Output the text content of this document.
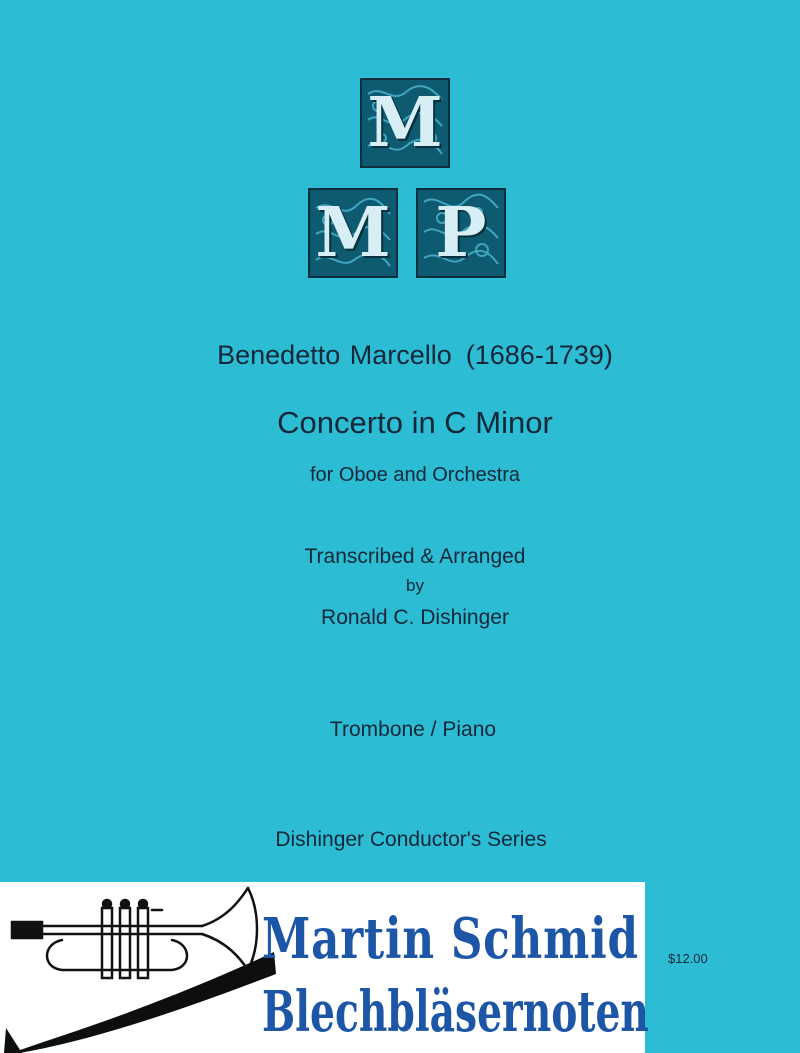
M
M P
Benedetto Marcello (1686-1739)
Concerto in C Minor
for Oboe and Orchestra
Transcribed & Arranged
by
Ronald C. Dishinger
Trombone / Piano
Dishinger Conductor's Series
Martin Schmid
Blechbläsernoten
$12.00
